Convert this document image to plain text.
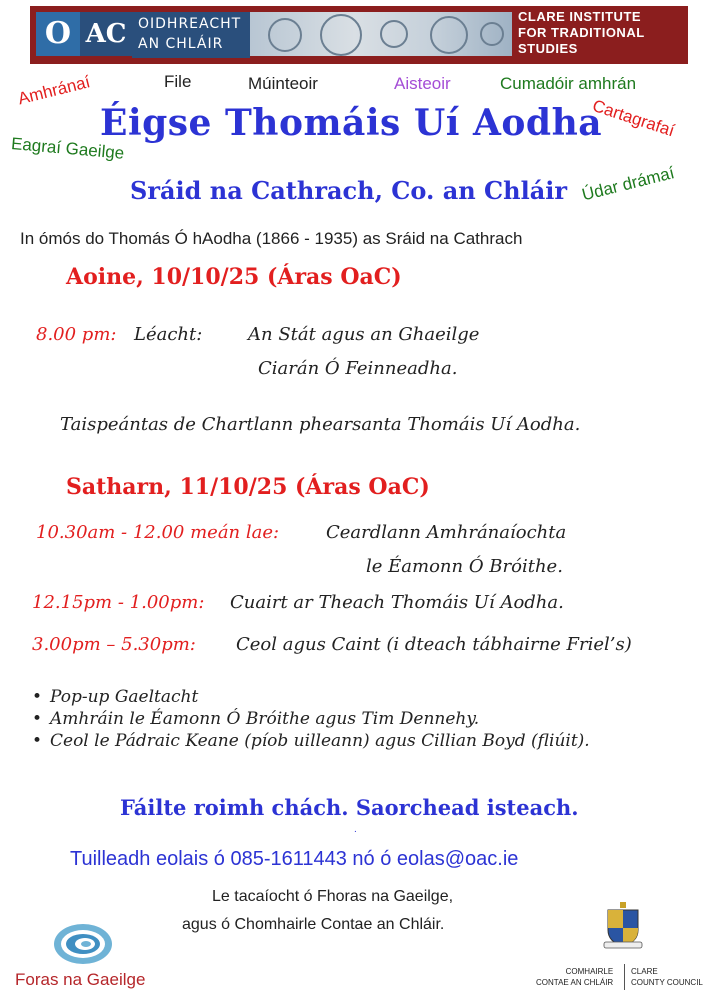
O AC OIDHREACHT
AN CHLÁIR
CLARE INSTITUTE
FOR TRADITIONAL
STUDIES
Amhránaí	File	Múinteoir	Aisteoir	Cumadóir amhrán
Cartagrafaí
Eagraí Gaeilge
Údar drámaí
Éigse Thomáis Uí Aodha
Sráid na Cathrach, Co. an Chláir
In ómós do Thomás Ó hAodha (1866 - 1935) as Sráid na Cathrach
Aoine, 10/10/25 (Áras OaC)
8.00 pm: Léacht:	An Stát agus an Ghaeilge
Ciarán Ó Feinneadha.
Taispeántas de Chartlann phearsanta Thomáis Uí Aodha.
Satharn, 11/10/25 (Áras OaC)
10.30am - 12.00 meán lae:	Ceardlann Amhránaíochta
le Éamonn Ó Bróithe.
12.15pm - 1.00pm: Cuairt ar Theach Thomáis Uí Aodha.
3.00pm – 5.30pm: Ceol agus Caint (i dteach tábhairne Friel’s)
• Pop-up Gaeltacht
• Amhráin le Éamonn Ó Bróithe agus Tim Dennehy.
• Ceol le Pádraic Keane (píob uilleann) agus Cillian Boyd (fliúit).
Fáilte roimh chách. Saorchead isteach.
.
Tuilleadh eolais ó 085-1611443 nó ó eolas@oac.ie
Le tacaíocht ó Fhoras na Gaeilge,
agus ó Chomhairle Contae an Chláir.
Foras na Gaeilge	COMHAIRLE
CONTAE AN CHLÁIR
CLARE
COUNTY COUNCIL
